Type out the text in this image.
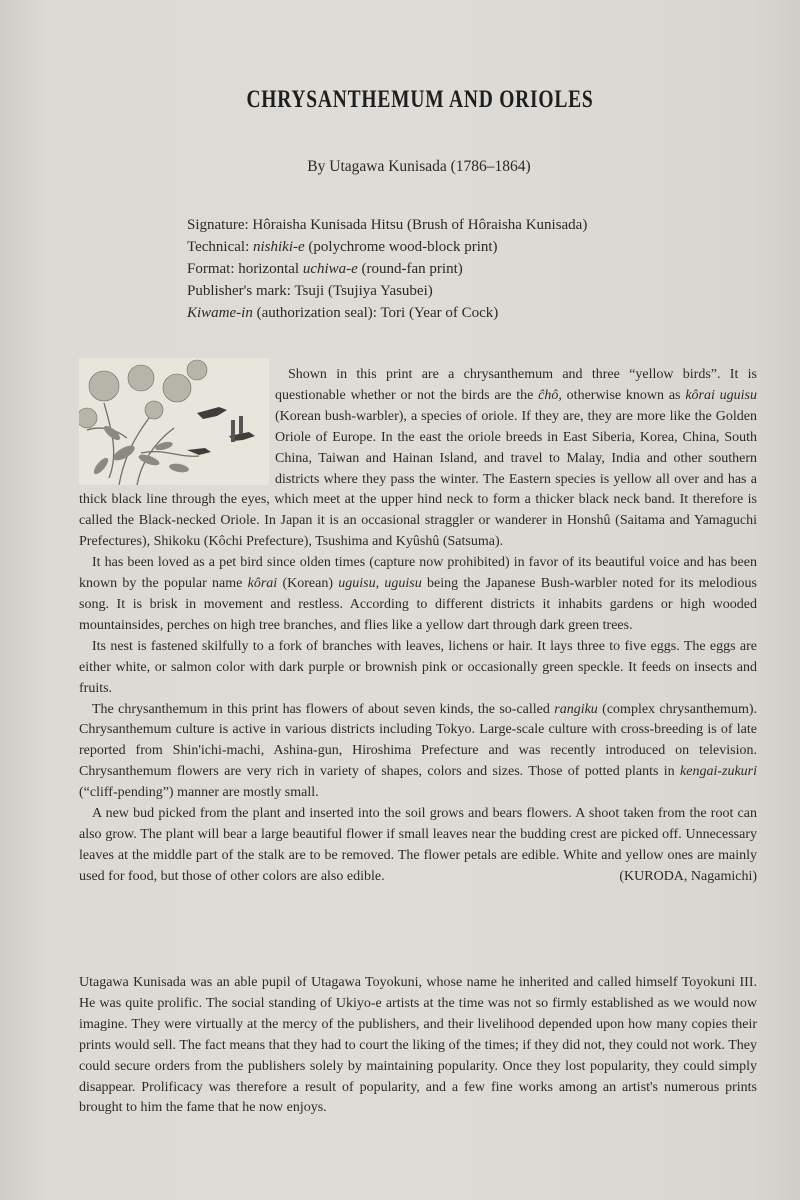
CHRYSANTHEMUM AND ORIOLES
By Utagawa Kunisada (1786–1864)
Signature: Hôraisha Kunisada Hitsu (Brush of Hôraisha Kunisada)
Technical: nishiki-e (polychrome wood-block print)
Format: horizontal uchiwa-e (round-fan print)
Publisher's mark: Tsuji (Tsujiya Yasubei)
Kiwame-in (authorization seal): Tori (Year of Cock)

Shown in this print are a chrysanthemum and three “yellow birds”. It is questionable whether or not the birds are the ĉhô, otherwise known as kôrai uguisu (Korean bush-warbler), a species of oriole. If they are, they are more like the Golden Oriole of Europe. In the east the oriole breeds in East Siberia, Korea, China, South China, Taiwan and Hainan Island, and travel to Malay, India and other southern districts where they pass the winter. The Eastern species is yellow all over and has a thick black line through the eyes, which meet at the upper hind neck to form a thicker black neck band. It therefore is called the Black-necked Oriole. In Japan it is an occasional straggler or wanderer in Honshû (Saitama and Yamaguchi Prefectures), Shikoku (Kôchi Prefecture), Tsushima and Kyûshû (Satsuma).

It has been loved as a pet bird since olden times (capture now prohibited) in favor of its beautiful voice and has been known by the popular name kôrai (Korean) uguisu, uguisu being the Japanese Bush-warbler noted for its melodious song. It is brisk in movement and restless. According to different districts it inhabits gardens or high wooded mountainsides, perches on high tree branches, and flies like a yellow dart through dark green trees.

Its nest is fastened skilfully to a fork of branches with leaves, lichens or hair. It lays three to five eggs. The eggs are either white, or salmon color with dark purple or brownish pink or occasionally green speckle. It feeds on insects and fruits.

The chrysanthemum in this print has flowers of about seven kinds, the so-called rangiku (complex chrysanthemum). Chrysanthemum culture is active in various districts including Tokyo. Large-scale culture with cross-breeding is of late reported from Shin'ichi-machi, Ashina-gun, Hiroshima Prefecture and was recently introduced on television. Chrysanthemum flowers are very rich in variety of shapes, colors and sizes. Those of potted plants in kengai-zukuri (“cliff-pending”) manner are mostly small.

A new bud picked from the plant and inserted into the soil grows and bears flowers. A shoot taken from the root can also grow. The plant will bear a large beautiful flower if small leaves near the budding crest are picked off. Unnecessary leaves at the middle part of the stalk are to be removed. The flower petals are edible. White and yellow ones are mainly used for food, but those of other colors are also edible.	(KURODA, Nagamichi)

Utagawa Kunisada was an able pupil of Utagawa Toyokuni, whose name he inherited and called himself Toyokuni III. He was quite prolific. The social standing of Ukiyo-e artists at the time was not so firmly established as we would now imagine. They were virtually at the mercy of the publishers, and their livelihood depended upon how many copies their prints would sell. The fact means that they had to court the liking of the times; if they did not, they could not work. They could secure orders from the publishers solely by maintaining popularity. Once they lost popularity, they could simply disappear. Prolificacy was therefore a result of popularity, and a few fine works among an artist's numerous prints brought to him the fame that he now enjoys.
